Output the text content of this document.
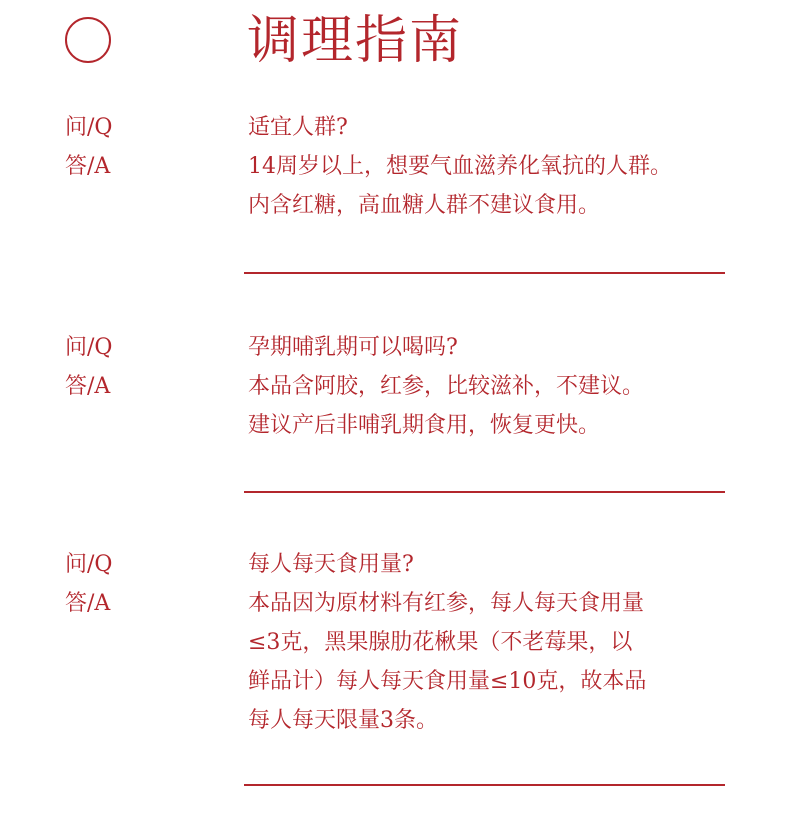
调理指南
问/Q
答/A
适宜人群?
14周岁以上，想要气血滋养化氧抗的人群。
内含红糖，高血糖人群不建议食用。
问/Q
答/A
孕期哺乳期可以喝吗?
本品含阿胶，红参，比较滋补，不建议。
建议产后非哺乳期食用，恢复更快。
问/Q
答/A
每人每天食用量?
本品因为原材料有红参，每人每天食用量
≤3克，黑果腺肋花楸果（不老莓果，以
鲜品计）每人每天食用量≤10克，故本品
每人每天限量3条。
